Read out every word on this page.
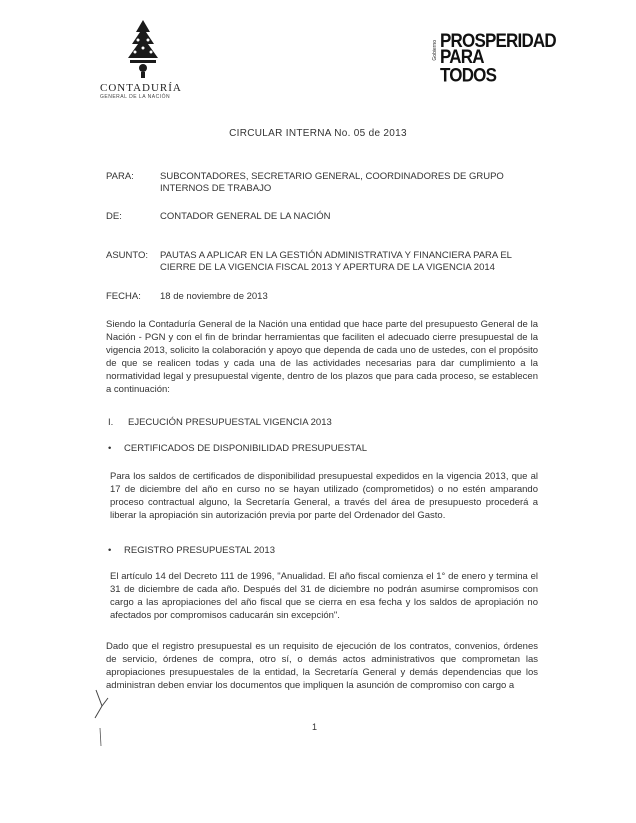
CONTADURÍA
GENERAL DE LA NACIÓN
Gobierno PROSPERIDAD
PARA TODOS
CIRCULAR INTERNA No. 05 de 2013
PARA:	SUBCONTADORES, SECRETARIO GENERAL, COORDINADORES DE GRUPO INTERNOS DE TRABAJO
DE:	CONTADOR GENERAL DE LA NACIÓN
ASUNTO: PAUTAS A APLICAR EN LA GESTIÓN ADMINISTRATIVA Y FINANCIERA PARA EL CIERRE DE LA VIGENCIA FISCAL 2013 Y APERTURA DE LA VIGENCIA 2014
FECHA: 18 de noviembre de 2013
Siendo la Contaduría General de la Nación una entidad que hace parte del presupuesto General de la Nación - PGN y con el fin de brindar herramientas que faciliten el adecuado cierre presupuestal de la vigencia 2013, solicito la colaboración y apoyo que dependa de cada uno de ustedes, con el propósito de que se realicen todas y cada una de las actividades necesarias para dar cumplimiento a la normatividad legal y presupuestal vigente, dentro de los plazos que para cada proceso, se establecen a continuación:
I. EJECUCIÓN PRESUPUESTAL VIGENCIA 2013
• CERTIFICADOS DE DISPONIBILIDAD PRESUPUESTAL
Para los saldos de certificados de disponibilidad presupuestal expedidos en la vigencia 2013, que al 17 de diciembre del año en curso no se hayan utilizado (comprometidos) o no estén amparando proceso contractual alguno, la Secretaría General, a través del área de presupuesto procederá a liberar la apropiación sin autorización previa por parte del Ordenador del Gasto.
• REGISTRO PRESUPUESTAL 2013
El artículo 14 del Decreto 111 de 1996, "Anualidad. El año fiscal comienza el 1° de enero y termina el 31 de diciembre de cada año. Después del 31 de diciembre no podrán asumirse compromisos con cargo a las apropiaciones del año fiscal que se cierra en esa fecha y los saldos de apropiación no afectados por compromisos caducarán sin excepción".
Dado que el registro presupuestal es un requisito de ejecución de los contratos, convenios, órdenes de servicio, órdenes de compra, otro sí, o demás actos administrativos que comprometan las apropiaciones presupuestales de la entidad, la Secretaría General y demás dependencias que los administran deben enviar los documentos que impliquen la asunción de compromiso con cargo a
1
